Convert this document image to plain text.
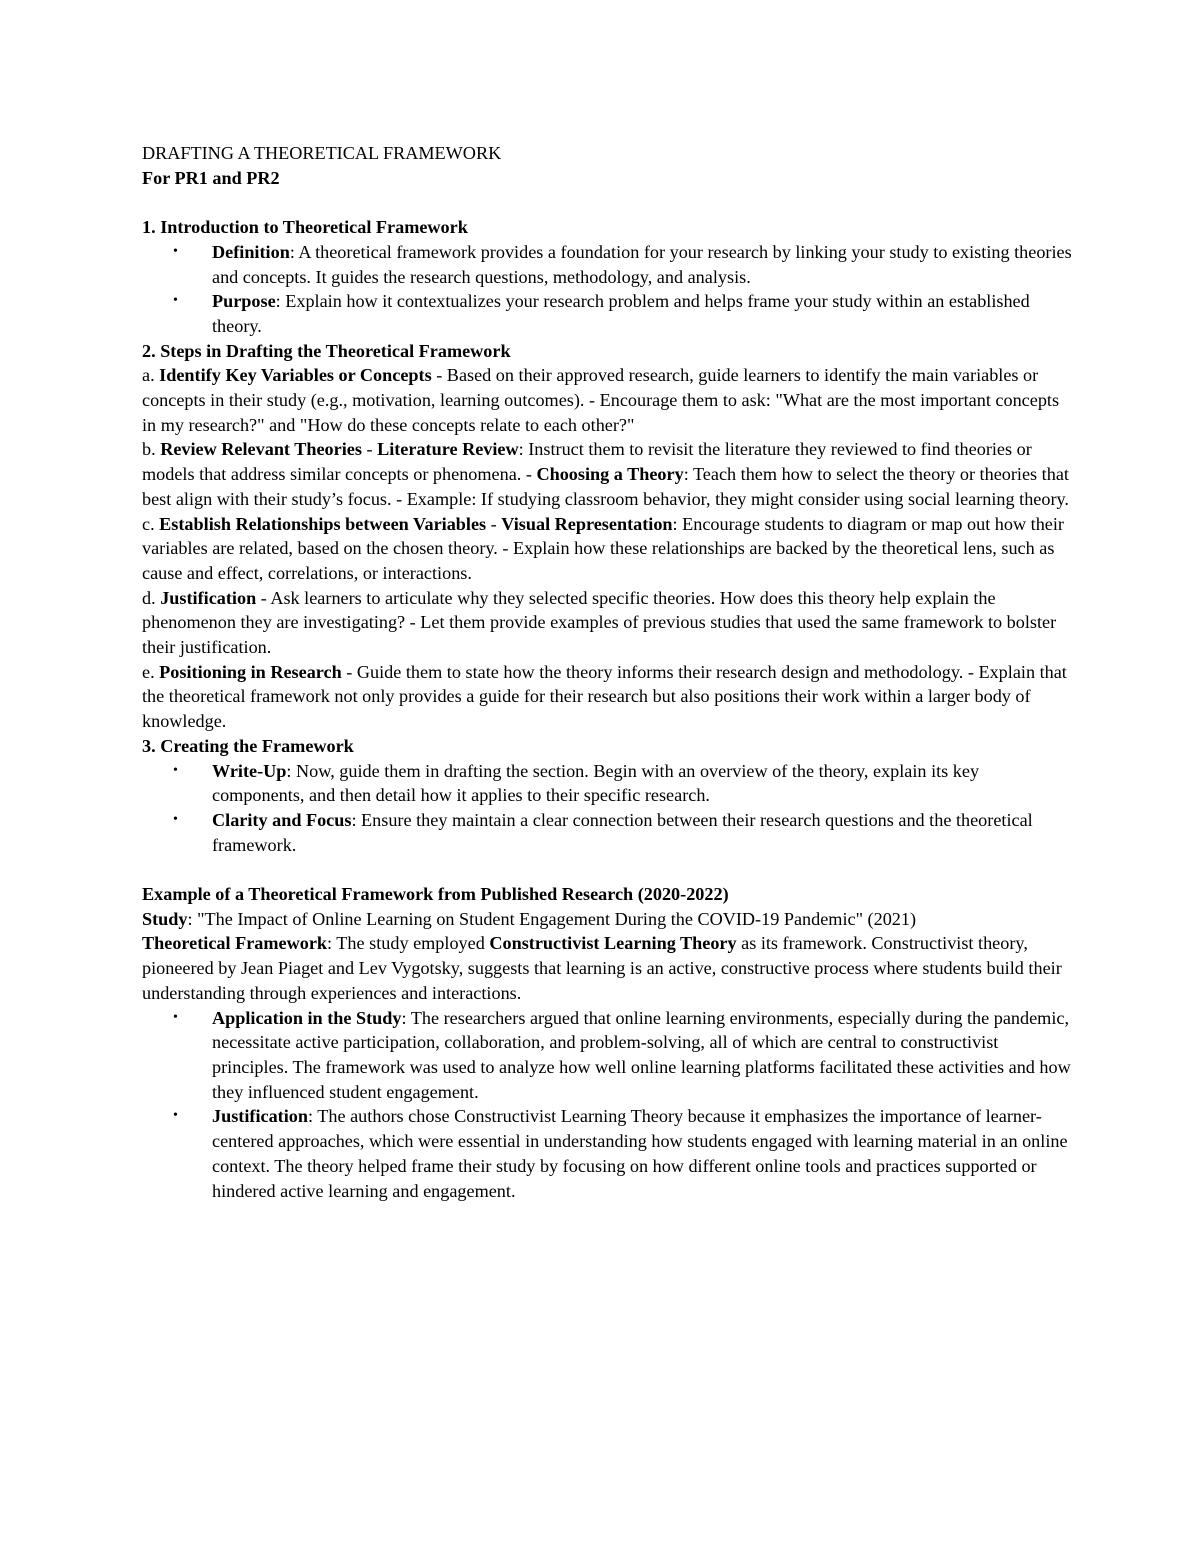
DRAFTING A THEORETICAL FRAMEWORK

For PR1 and PR2

1. Introduction to Theoretical Framework

• Definition: A theoretical framework provides a foundation for your research by linking your study to existing theories and concepts. It guides the research questions, methodology, and analysis.
• Purpose: Explain how it contextualizes your research problem and helps frame your study within an established theory.

2. Steps in Drafting the Theoretical Framework

a. Identify Key Variables or Concepts - Based on their approved research, guide learners to identify the main variables or concepts in their study (e.g., motivation, learning outcomes). - Encourage them to ask: "What are the most important concepts in my research?" and "How do these concepts relate to each other?"

b. Review Relevant Theories - Literature Review: Instruct them to revisit the literature they reviewed to find theories or models that address similar concepts or phenomena. - Choosing a Theory: Teach them how to select the theory or theories that best align with their study’s focus. - Example: If studying classroom behavior, they might consider using social learning theory.

c. Establish Relationships between Variables - Visual Representation: Encourage students to diagram or map out how their variables are related, based on the chosen theory. - Explain how these relationships are backed by the theoretical lens, such as cause and effect, correlations, or interactions.

d. Justification - Ask learners to articulate why they selected specific theories. How does this theory help explain the phenomenon they are investigating? - Let them provide examples of previous studies that used the same framework to bolster their justification.

e. Positioning in Research - Guide them to state how the theory informs their research design and methodology. - Explain that the theoretical framework not only provides a guide for their research but also positions their work within a larger body of knowledge.

3. Creating the Framework

• Write-Up: Now, guide them in drafting the section. Begin with an overview of the theory, explain its key components, and then detail how it applies to their specific research.
• Clarity and Focus: Ensure they maintain a clear connection between their research questions and the theoretical framework.

Example of a Theoretical Framework from Published Research (2020-2022)

Study: "The Impact of Online Learning on Student Engagement During the COVID-19 Pandemic" (2021)

Theoretical Framework: The study employed Constructivist Learning Theory as its framework. Constructivist theory, pioneered by Jean Piaget and Lev Vygotsky, suggests that learning is an active, constructive process where students build their understanding through experiences and interactions.

• Application in the Study: The researchers argued that online learning environments, especially during the pandemic, necessitate active participation, collaboration, and problem-solving, all of which are central to constructivist principles. The framework was used to analyze how well online learning platforms facilitated these activities and how they influenced student engagement.
• Justification: The authors chose Constructivist Learning Theory because it emphasizes the importance of learner-centered approaches, which were essential in understanding how students engaged with learning material in an online context. The theory helped frame their study by focusing on how different online tools and practices supported or hindered active learning and engagement.
